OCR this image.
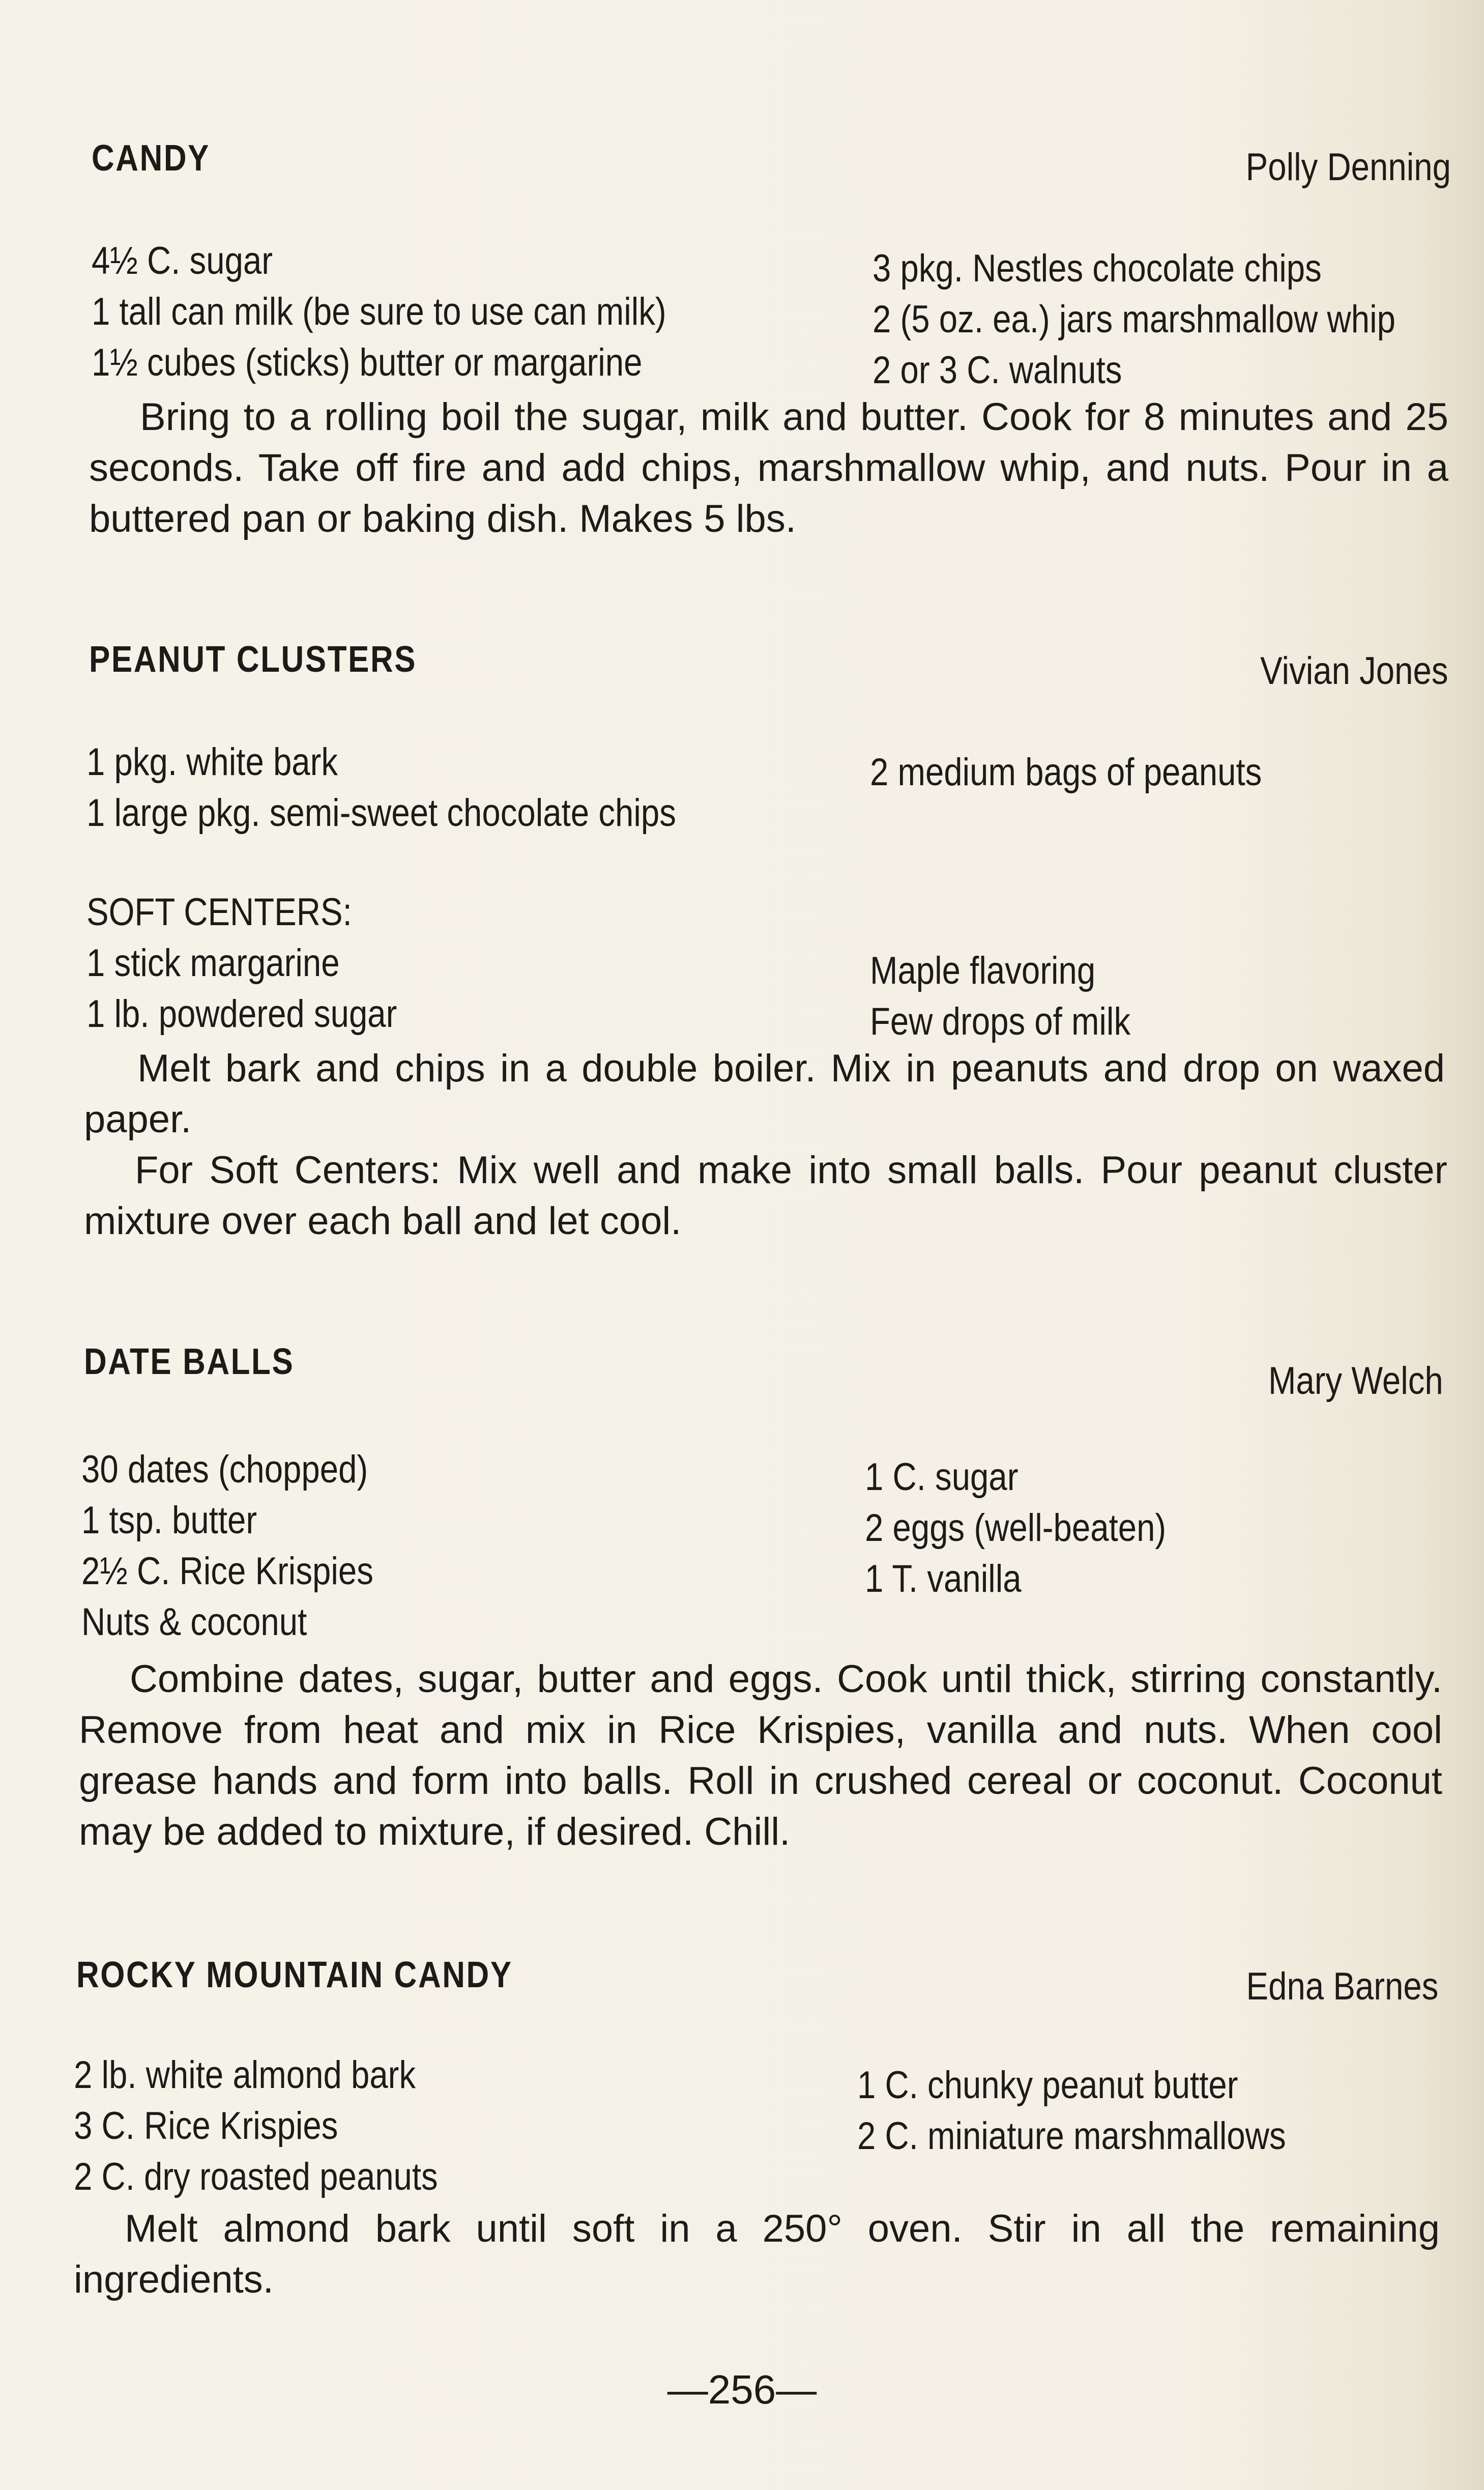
CANDY	Polly Denning
4½ C. sugar
1 tall can milk (be sure to use can milk)
1½ cubes (sticks) butter or margarine
3 pkg. Nestles chocolate chips
2 (5 oz. ea.) jars marshmallow whip
2 or 3 C. walnuts
Bring to a rolling boil the sugar, milk and butter. Cook for 8 minutes and 25 seconds. Take off fire and add chips, marshmallow whip, and nuts. Pour in a buttered pan or baking dish. Makes 5 lbs.
PEANUT CLUSTERS	Vivian Jones
1 pkg. white bark
1 large pkg. semi-sweet chocolate chips
2 medium bags of peanuts
SOFT CENTERS:
1 stick margarine
1 lb. powdered sugar
Maple flavoring
Few drops of milk
Melt bark and chips in a double boiler. Mix in peanuts and drop on waxed paper.
For Soft Centers: Mix well and make into small balls. Pour peanut cluster mixture over each ball and let cool.
DATE BALLS	Mary Welch
30 dates (chopped)
1 tsp. butter
2½ C. Rice Krispies
Nuts & coconut
1 C. sugar
2 eggs (well-beaten)
1 T. vanilla
Combine dates, sugar, butter and eggs. Cook until thick, stirring constantly. Remove from heat and mix in Rice Krispies, vanilla and nuts. When cool grease hands and form into balls. Roll in crushed cereal or coconut. Coconut may be added to mixture, if desired. Chill.
ROCKY MOUNTAIN CANDY	Edna Barnes
2 lb. white almond bark
3 C. Rice Krispies
2 C. dry roasted peanuts
1 C. chunky peanut butter
2 C. miniature marshmallows
Melt almond bark until soft in a 250° oven. Stir in all the remaining ingredients.
—256—
